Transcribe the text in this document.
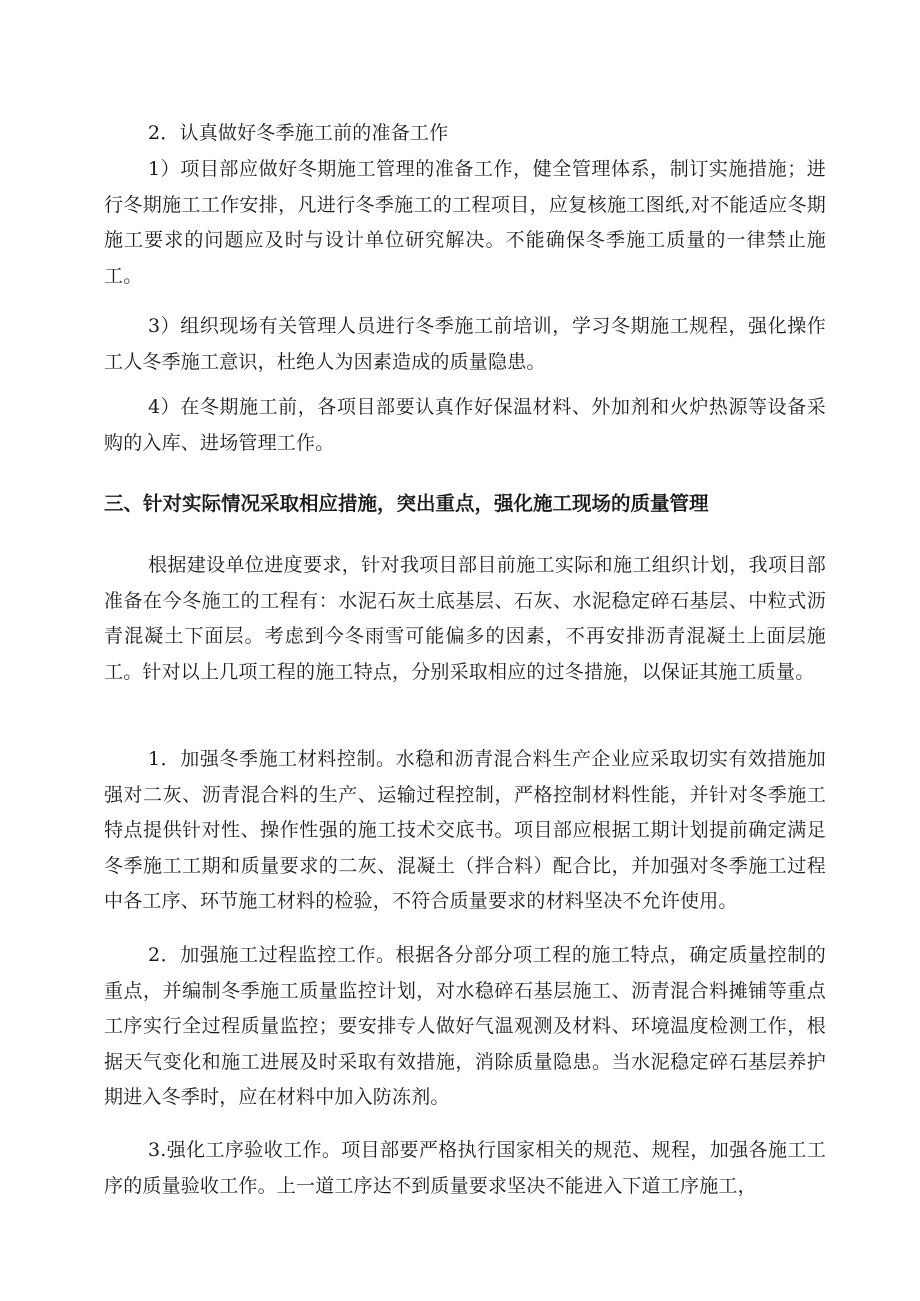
2．认真做好冬季施工前的准备工作

1）项目部应做好冬期施工管理的准备工作，健全管理体系，制订实施措施；进行冬期施工工作安排，凡进行冬季施工的工程项目，应复核施工图纸,对不能适应冬期施工要求的问题应及时与设计单位研究解决。不能确保冬季施工质量的一律禁止施工。

3）组织现场有关管理人员进行冬季施工前培训，学习冬期施工规程，强化操作工人冬季施工意识，杜绝人为因素造成的质量隐患。

4）在冬期施工前，各项目部要认真作好保温材料、外加剂和火炉热源等设备采购的入库、进场管理工作。

三、针对实际情况采取相应措施，突出重点，强化施工现场的质量管理

根据建设单位进度要求，针对我项目部目前施工实际和施工组织计划，我项目部准备在今冬施工的工程有：水泥石灰土底基层、石灰、水泥稳定碎石基层、中粒式沥青混凝土下面层。考虑到今冬雨雪可能偏多的因素，不再安排沥青混凝土上面层施工。针对以上几项工程的施工特点，分别采取相应的过冬措施，以保证其施工质量。

1．加强冬季施工材料控制。水稳和沥青混合料生产企业应采取切实有效措施加强对二灰、沥青混合料的生产、运输过程控制，严格控制材料性能，并针对冬季施工特点提供针对性、操作性强的施工技术交底书。项目部应根据工期计划提前确定满足冬季施工工期和质量要求的二灰、混凝土（拌合料）配合比，并加强对冬季施工过程中各工序、环节施工材料的检验，不符合质量要求的材料坚决不允许使用。

2．加强施工过程监控工作。根据各分部分项工程的施工特点，确定质量控制的重点，并编制冬季施工质量监控计划，对水稳碎石基层施工、沥青混合料摊铺等重点工序实行全过程质量监控；要安排专人做好气温观测及材料、环境温度检测工作，根据天气变化和施工进展及时采取有效措施，消除质量隐患。当水泥稳定碎石基层养护期进入冬季时，应在材料中加入防冻剂。

3.强化工序验收工作。项目部要严格执行国家相关的规范、规程，加强各施工工序的质量验收工作。上一道工序达不到质量要求坚决不能进入下道工序施工，
